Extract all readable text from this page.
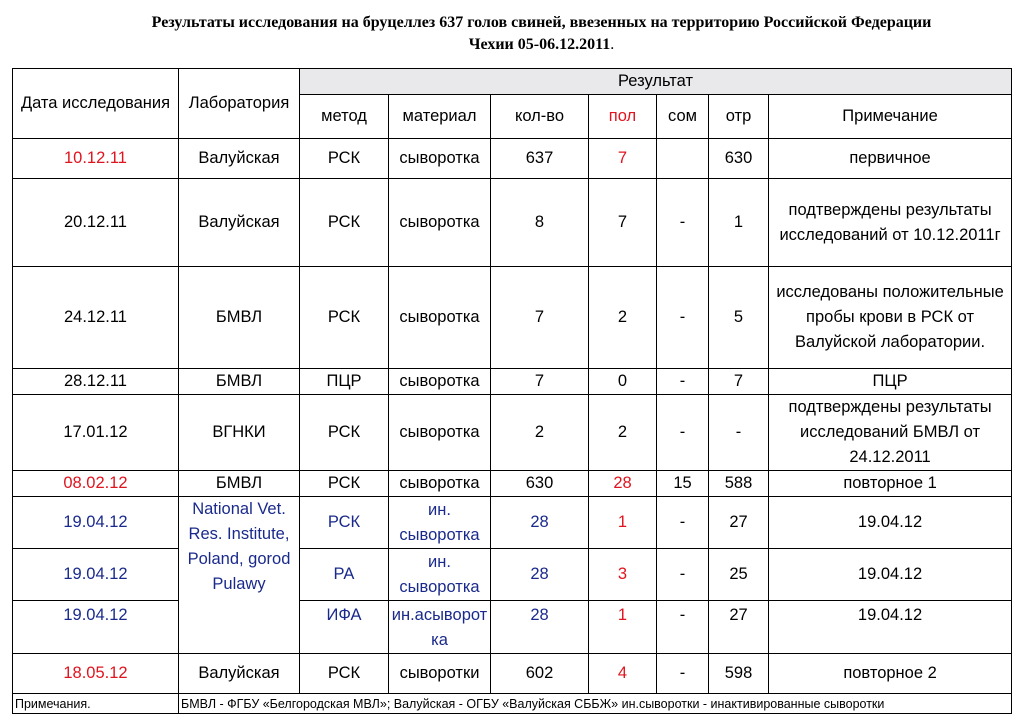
Результаты исследования на бруцеллез 637 голов свиней, ввезенных на территорию Российской Федерации
Чехии 05-06.12.2011.
Дата исследования	Лаборатория	Результат						
		метод	материал	кол-во	пол	сом	отр	Примечание
10.12.11	Валуйская	РСК	сыворотка	637	7		630	первичное
20.12.11	Валуйская	РСК	сыворотка	8	7	-	1	подтверждены результаты исследований от 10.12.2011г
24.12.11	БМВЛ	РСК	сыворотка	7	2	-	5	исследованы положительные пробы крови в РСК от Валуйской лаборатории.
28.12.11	БМВЛ	ПЦР	сыворотка	7	0	-	7	ПЦР
17.01.12	ВГНКИ	РСК	сыворотка	2	2	-	-	подтверждены результаты исследований БМВЛ от 24.12.2011
08.02.12	БМВЛ	РСК	сыворотка	630	28	15	588	повторное 1
19.04.12	National Vet. Res. Institute, Poland, gorod Pulawy	РСК	ин. сыворотка	28	1	-	27	19.04.12
19.04.12		РА	ин. сыворотка	28	3	-	25	19.04.12
19.04.12		ИФА	ин.асыворотка	28	1	-	27	19.04.12
18.05.12	Валуйская	РСК	сыворотки	602	4	-	598	повторное 2
Примечания.	БМВЛ - ФГБУ «Белгородская МВЛ»; Валуйская - ОГБУ «Валуйская СББЖ» ин.сыворотки - инактивированные сыворотки							
